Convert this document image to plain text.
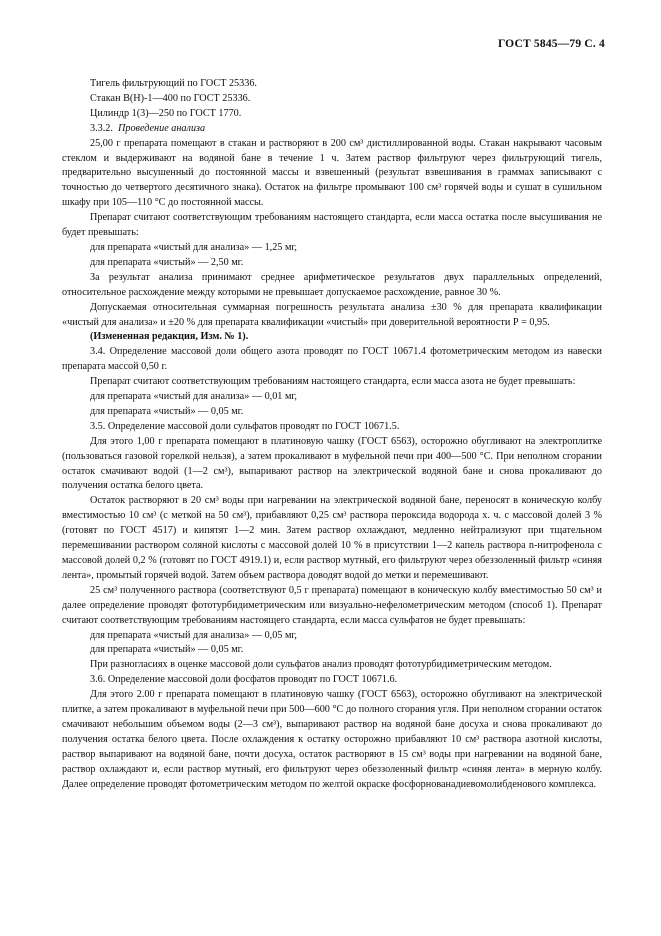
ГОСТ 5845—79 С. 4

Тигель фильтрующий по ГОСТ 25336.

Стакан В(Н)-1—400 по ГОСТ 25336.

Цилиндр 1(3)—250 по ГОСТ 1770.

3.3.2. Проведение анализа

25,00 г препарата помещают в стакан и растворяют в 200 см³ дистиллированной воды. Стакан накрывают часовым стеклом и выдерживают на водяной бане в течение 1 ч. Затем раствор фильтруют через фильтрующий тигель, предварительно высушенный до постоянной массы и взвешенный (результат взвешивания в граммах записывают с точностью до четвертого десятичного знака). Остаток на фильтре промывают 100 см³ горячей воды и сушат в сушильном шкафу при 105—110 °С до постоянной массы.

Препарат считают соответствующим требованиям настоящего стандарта, если масса остатка после высушивания не будет превышать:

для препарата «чистый для анализа» — 1,25 мг,

для препарата «чистый» — 2,50 мг.

За результат анализа принимают среднее арифметическое результатов двух параллельных определений, относительное расхождение между которыми не превышает допускаемое расхождение, равное 30 %.

Допускаемая относительная суммарная погрешность результата анализа ±30 % для препарата квалификации «чистый для анализа» и ±20 % для препарата квалификации «чистый» при доверительной вероятности Р = 0,95.

(Измененная редакция, Изм. № 1).

3.4. Определение массовой доли общего азота проводят по ГОСТ 10671.4 фотометрическим методом из навески препарата массой 0,50 г.

Препарат считают соответствующим требованиям настоящего стандарта, если масса азота не будет превышать:

для препарата «чистый для анализа» — 0,01 мг,

для препарата «чистый» — 0,05 мг.

3.5. Определение массовой доли сульфатов проводят по ГОСТ 10671.5.

Для этого 1,00 г препарата помещают в платиновую чашку (ГОСТ 6563), осторожно обугливают на электроплитке (пользоваться газовой горелкой нельзя), а затем прокаливают в муфельной печи при 400—500 °С. При неполном сгорании остаток смачивают водой (1—2 см³), выпаривают раствор на электрической водяной бане и снова прокаливают до получения остатка белого цвета.

Остаток растворяют в 20 см³ воды при нагревании на электрической водяной бане, переносят в коническую колбу вместимостью 10 см³ (с меткой на 50 см³), прибавляют 0,25 см³ раствора пероксида водорода х. ч. с массовой долей 3 % (готовят по ГОСТ 4517) и кипятят 1—2 мин. Затем раствор охлаждают, медленно нейтрализуют при тщательном перемешивании раствором соляной кислоты с массовой долей 10 % в присутствии 1—2 капель раствора n-нитрофенола с массовой долей 0,2 % (готовят по ГОСТ 4919.1) и, если раствор мутный, его фильтруют через обеззоленный фильтр «синяя лента», промытый горячей водой. Затем объем раствора доводят водой до метки и перемешивают.

25 см³ полученного раствора (соответствуют 0,5 г препарата) помещают в коническую колбу вместимостью 50 см³ и далее определение проводят фототурбидиметрическим или визуально-нефелометрическим методом (способ 1). Препарат считают соответствующим требованиям настоящего стандарта, если масса сульфатов не будет превышать:

для препарата «чистый для анализа» — 0,05 мг,

для препарата «чистый» — 0,05 мг.

При разногласиях в оценке массовой доли сульфатов анализ проводят фототурбидиметрическим методом.

3.6. Определение массовой доли фосфатов проводят по ГОСТ 10671.6.

Для этого 2.00 г препарата помещают в платиновую чашку (ГОСТ 6563), осторожно обугливают на электрической плитке, а затем прокаливают в муфельной печи при 500—600 °С до полного сгорания угля. При неполном сгорании остаток смачивают небольшим объемом воды (2—3 см³), выпаривают раствор на водяной бане досуха и снова прокаливают до получения остатка белого цвета. После охлаждения к остатку осторожно прибавляют 10 см³ раствора азотной кислоты, раствор выпаривают на водяной бане, почти досуха, остаток растворяют в 15 см³ воды при нагревании на водяной бане, раствор охлаждают и, если раствор мутный, его фильтруют через обеззоленный фильтр «синяя лента» в мерную колбу. Далее определение проводят фотометрическим методом по желтой окраске фосфорнованадиевомолибденового комплекса.
